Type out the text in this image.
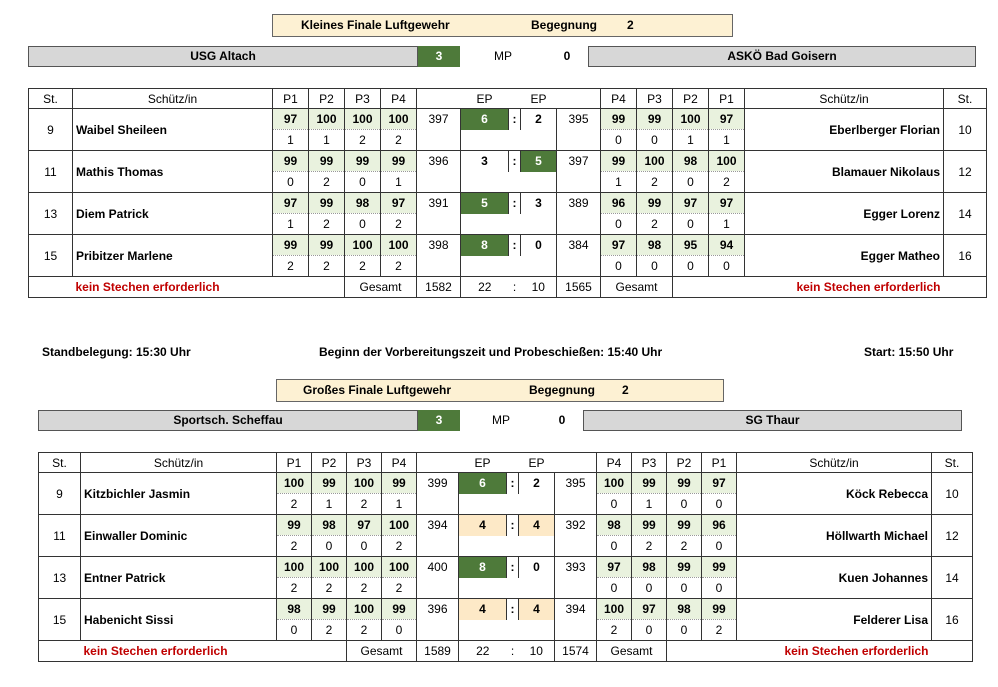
Kleines Finale Luftgewehr	Begegnung	2
USG Altach	3	MP	0	ASKÖ Bad Goisern
St.	Schütz/in	P1	P2	P3	P4		EP		EP		P4	P3	P2	P1	Schütz/in	St.
9	Waibel Sheileen	97	100	100	100	397	6	:	2	395	99	99	100	97	Eberlberger Florian	10
		1	1	2	2						0	0	1	1		
11	Mathis Thomas	99	99	99	99	396	3	:	5	397	99	100	98	100	Blamauer Nikolaus	12
		0	2	0	1						1	2	0	2		
13	Diem Patrick	97	99	98	97	391	5	:	3	389	96	99	97	97	Egger Lorenz	14
		1	2	0	2						0	2	0	1		
15	Pribitzer Marlene	99	99	100	100	398	8	:	0	384	97	98	95	94	Egger Matheo	16
		2	2	2	2						0	0	0	0		
	kein Stechen erforderlich			Gesamt		1582	22	:	10	1565	Gesamt		kein Stechen erforderlich			
Standbelegung: 15:30 Uhr	Beginn der Vorbereitungszeit und Probeschießen: 15:40 Uhr	Start: 15:50 Uhr
Großes Finale Luftgewehr	Begegnung 2
Sportsch. Scheffau	3	MP	0	SG Thaur
St.	Schütz/in	P1	P2	P3	P4		EP		EP		P4	P3	P2	P1	Schütz/in	St.
9	Kitzbichler Jasmin	100	99	100	99	399	6	:	2	395	100	99	99	97	Köck Rebecca	10
		2	1	2	1						0	1	0	0		
11	Einwaller Dominic	99	98	97	100	394	4	:	4	392	98	99	99	96	Höllwarth Michael	12
		2	0	0	2						0	2	2	0		
13	Entner Patrick	100	100	100	100	400	8	:	0	393	97	98	99	99	Kuen Johannes	14
		2	2	2	2						0	0	0	0		
15	Habenicht Sissi	98	99	100	99	396	4	:	4	394	100	97	98	99	Felderer Lisa	16
		0	2	2	0						2	0	0	2		
	kein Stechen erforderlich			Gesamt		1589	22	:	10	1574	Gesamt		kein Stechen erforderlich			
